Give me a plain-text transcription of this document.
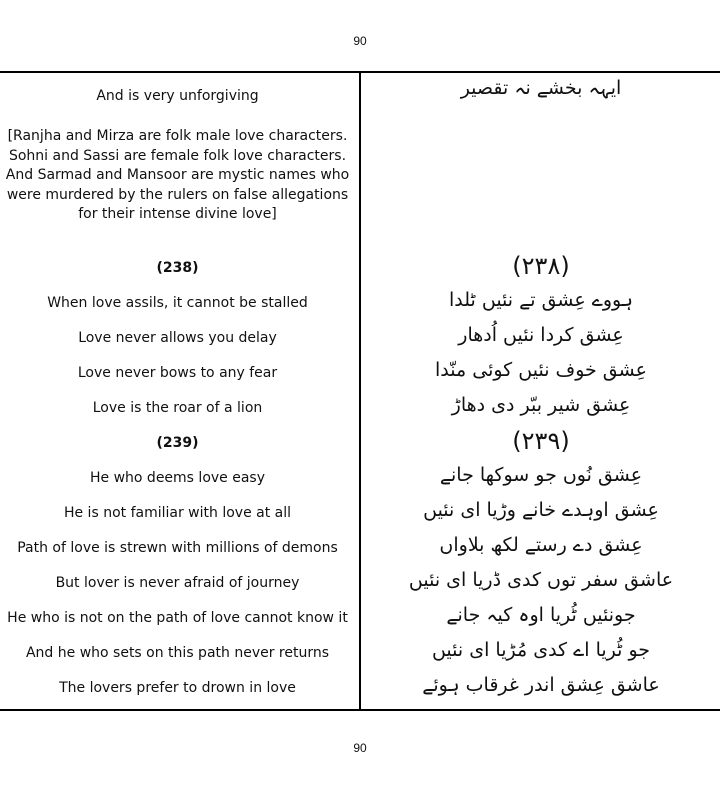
90
And is very unforgiving
[Ranjha and Mirza are folk male love characters. Sohni and Sassi are female folk love characters. And Sarmad and Mansoor are mystic names who were murdered by the rulers on false allegations for their intense divine love]
(238)
When love assils, it cannot be stalled
Love never allows you delay
Love never bows to any fear
Love is the roar of a lion
(239)
He who deems love easy
He is not familiar with love at all
Path of love is strewn with millions of demons
But lover is never afraid of journey
He who is not on the path of love cannot know it
And he who sets on this path never returns
The lovers prefer to drown in love
ایہہ بخشے نہ تقصیر
(۲۳۸)
ہووے عِشق تے نئیں ٹلدا
عِشق کردا نئیں اُدھار
عِشق خوف نئیں کوئی منّدا
عِشق شیر ببّر دی دھاڑ
(۲۳۹)
عِشق نُوں جو سوکھا جانے
عِشق اوہدے خانے وڑیا ای نئیں
عِشق دے رستے لکھ بلاواں
عاشق سفر توں کدی ڈریا ای نئیں
جونئیں ٹُریا اوہ کیہ جانے
جو ٹُریا اے کدی مُڑیا ای نئیں
عاشق عِشق اندر غرقاب ہوئے
90
